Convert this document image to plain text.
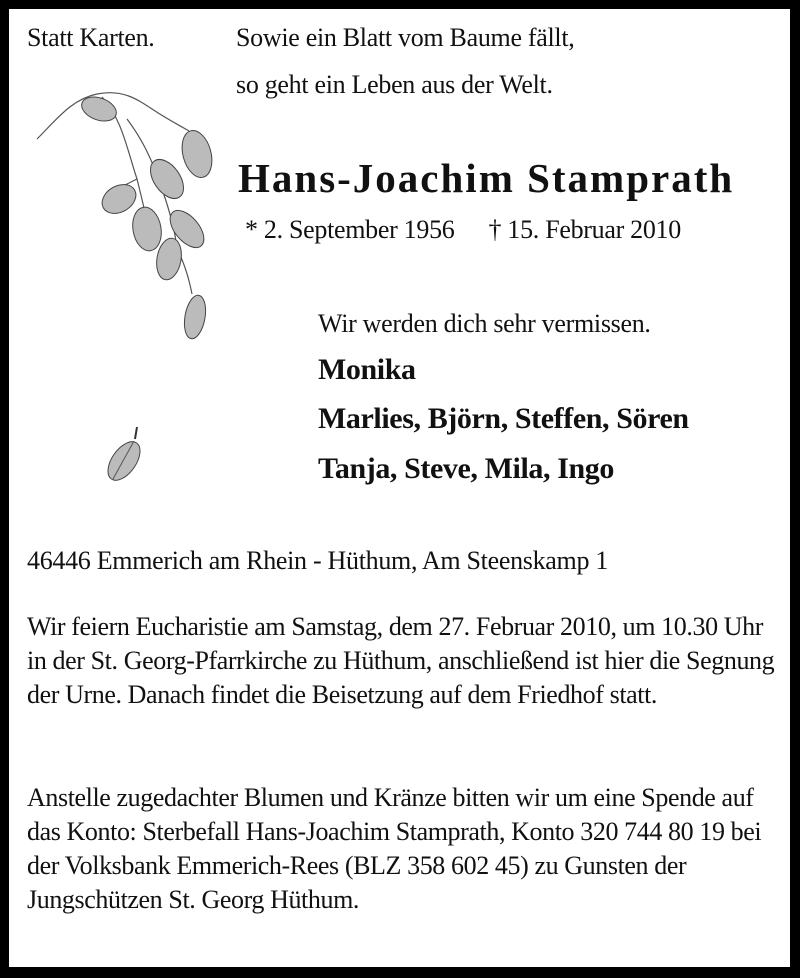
Statt Karten.	Sowie ein Blatt vom Baume fällt,
so geht ein Leben aus der Welt.
Hans-Joachim Stamprath
* 2. September 1956 † 15. Februar 2010
Wir werden dich sehr vermissen.
Monika
Marlies, Björn, Steffen, Sören
Tanja, Steve, Mila, Ingo
46446 Emmerich am Rhein - Hüthum, Am Steenskamp 1
Wir feiern Eucharistie am Samstag, dem 27. Februar 2010, um 10.30 Uhr in der St. Georg-Pfarrkirche zu Hüthum, anschließend ist hier die Segnung der Urne. Danach findet die Beisetzung auf dem Friedhof statt.
Anstelle zugedachter Blumen und Kränze bitten wir um eine Spende auf das Konto: Sterbefall Hans-Joachim Stamprath, Konto 320 744 80 19 bei der Volksbank Emmerich-Rees (BLZ 358 602 45) zu Gunsten der Jungschützen St. Georg Hüthum.
